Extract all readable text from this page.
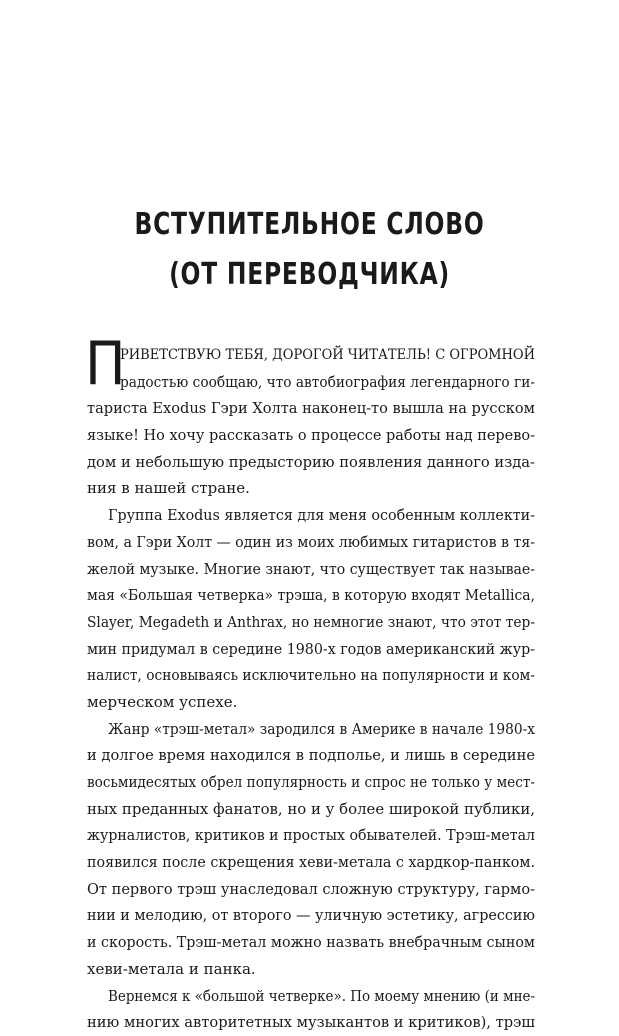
ВСТУПИТЕЛЬНОЕ СЛОВО
(ОТ ПЕРЕВОДЧИКА)
П
РИВЕТСТВУЮ ТЕБЯ, ДОРОГОЙ ЧИТАТЕЛЬ! С ОГРОМНОЙ
радостью сообщаю, что автобиография легендарного ги-
тариста Exodus Гэри Холта наконец-то вышла на русском
языке! Но хочу рассказать о процессе работы над перево-
дом и небольшую предысторию появления данного изда-
ния в нашей стране.
Группа Exodus является для меня особенным коллекти-
вом, а Гэри Холт — один из моих любимых гитаристов в тя-
желой музыке. Многие знают, что существует так называе-
мая «Большая четверка» трэша, в которую входят Metallica,
Slayer, Megadeth и Anthrax, но немногие знают, что этот тер-
мин придумал в середине 1980-х годов американский жур-
налист, основываясь исключительно на популярности и ком-
мерческом успехе.
Жанр «трэш-метал» зародился в Америке в начале 1980-х
и долгое время находился в подполье, и лишь в середине
восьмидесятых обрел популярность и спрос не только у мест-
ных преданных фанатов, но и у более широкой публики,
журналистов, критиков и простых обывателей. Трэш-метал
появился после скрещения хеви-метала с хардкор-панком.
От первого трэш унаследовал сложную структуру, гармо-
нии и мелодию, от второго — уличную эстетику, агрессию
и скорость. Трэш-метал можно назвать внебрачным сыном
хеви-метала и панка.
Вернемся к «большой четверке». По моему мнению (и мне-
нию многих авторитетных музыкантов и критиков), трэш
